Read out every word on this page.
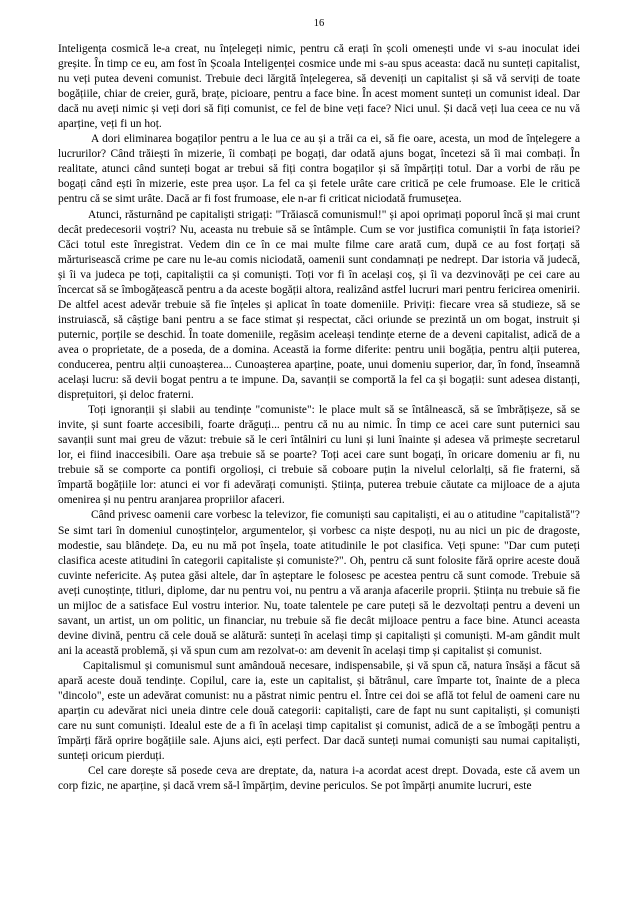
16

Inteligența cosmică le-a creat, nu înțelegeți nimic, pentru că erați în școli omenești unde vi s-au inoculat idei greșite. În timp ce eu, am fost în Școala Inteligenței cosmice unde mi s-au spus aceasta: dacă nu sunteți capitalist, nu veți putea deveni comunist. Trebuie deci lărgită înțelegerea, să deveniți un capitalist și să vă serviți de toate bogățiile, chiar de creier, gură, brațe, picioare, pentru a face bine. În acest moment sunteți un comunist ideal. Dar dacă nu aveți nimic și veți dori să fiți comunist, ce fel de bine veți face? Nici unul. Și dacă veți lua ceea ce nu vă aparține, veți fi un hoț.

A dori eliminarea bogaților pentru a le lua ce au și a trăi ca ei, să fie oare, acesta, un mod de înțelegere a lucrurilor? Când trăiești în mizerie, îi combați pe bogați, dar odată ajuns bogat, încetezi să îi mai combați. În realitate, atunci când sunteți bogat ar trebui să fiți contra bogaților și să împărțiți totul. Dar a vorbi de rău pe bogați când ești în mizerie, este prea ușor. La fel ca și fetele urâte care critică pe cele frumoase. Ele le critică pentru că se simt urâte. Dacă ar fi fost frumoase, ele n-ar fi criticat niciodată frumusețea.

Atunci, răsturnând pe capitaliști strigați: "Trăiască comunismul!" și apoi oprimați poporul încă și mai crunt decât predecesorii voștri? Nu, aceasta nu trebuie să se întâmple. Cum se vor justifica comuniștii în fața istoriei? Căci totul este înregistrat. Vedem din ce în ce mai multe filme care arată cum, după ce au fost forțați să mărturisească crime pe care nu le-au comis niciodată, oamenii sunt condamnați pe nedrept. Dar istoria vă judecă, și îi va judeca pe toți, capitaliștii ca și comuniști. Toți vor fi în același coș, și îi va dezvinovăți pe cei care au încercat să se îmbogățească pentru a da aceste bogății altora, realizând astfel lucruri mari pentru fericirea omenirii. De altfel acest adevăr trebuie să fie înțeles și aplicat în toate domeniile. Priviți: fiecare vrea să studieze, să se instruiască, să câștige bani pentru a se face stimat și respectat, căci oriunde se prezintă un om bogat, instruit și puternic, porțile se deschid. În toate domeniile, regăsim aceleași tendințe eterne de a deveni capitalist, adică de a avea o proprietate, de a poseda, de a domina. Această ia forme diferite: pentru unii bogăția, pentru alții puterea, conducerea, pentru alții cunoașterea... Cunoașterea aparține, poate, unui domeniu superior, dar, în fond, înseamnă același lucru: să devii bogat pentru a te impune. Da, savanții se comportă la fel ca și bogații: sunt adesea distanți, disprețuitori, și deloc fraterni.

Toți ignoranții și slabii au tendințe "comuniste": le place mult să se întâlnească, să se îmbrățișeze, să se invite, și sunt foarte accesibili, foarte drăguți... pentru că nu au nimic. În timp ce acei care sunt puternici sau savanții sunt mai greu de văzut: trebuie să le ceri întâlniri cu luni și luni înainte și adesea vă primește secretarul lor, ei fiind inaccesibili. Oare așa trebuie să se poarte? Toți acei care sunt bogați, în oricare domeniu ar fi, nu trebuie să se comporte ca pontifi orgolioși, ci trebuie să coboare puțin la nivelul celorlalți, să fie fraterni, să împartă bogățiile lor: atunci ei vor fi adevărați comuniști. Știința, puterea trebuie căutate ca mijloace de a ajuta omenirea și nu pentru aranjarea propriilor afaceri.

Când privesc oamenii care vorbesc la televizor, fie comuniști sau capitaliști, ei au o atitudine "capitalistă"? Se simt tari în domeniul cunoștințelor, argumentelor, și vorbesc ca niște despoți, nu au nici un pic de dragoste, modestie, sau blândețe. Da, eu nu mă pot înșela, toate atitudinile le pot clasifica. Veți spune: "Dar cum puteți clasifica aceste atitudini în categorii capitaliste și comuniste?". Oh, pentru că sunt folosite fără oprire aceste două cuvinte nefericite. Aș putea găsi altele, dar în așteptare le folosesc pe acestea pentru că sunt comode. Trebuie să aveți cunoștințe, titluri, diplome, dar nu pentru voi, nu pentru a vă aranja afacerile proprii. Știința nu trebuie să fie un mijloc de a satisface Eul vostru interior. Nu, toate talentele pe care puteți să le dezvoltați pentru a deveni un savant, un artist, un om politic, un financiar, nu trebuie să fie decât mijloace pentru a face bine. Atunci aceasta devine divină, pentru că cele două se alătură: sunteți în același timp și capitaliști și comuniști. M-am gândit mult ani la această problemă, și vă spun cum am rezolvat-o: am devenit în același timp și capitalist și comunist.

Capitalismul și comunismul sunt amândouă necesare, indispensabile, și vă spun că, natura însăși a făcut să apară aceste două tendințe. Copilul, care ia, este un capitalist, și bătrânul, care împarte tot, înainte de a pleca "dincolo", este un adevărat comunist: nu a păstrat nimic pentru el. Între cei doi se află tot felul de oameni care nu aparțin cu adevărat nici uneia dintre cele două categorii: capitaliști, care de fapt nu sunt capitaliști, și comuniști care nu sunt comuniști. Idealul este de a fi în același timp capitalist și comunist, adică de a se îmbogăți pentru a împărți fără oprire bogățiile sale. Ajuns aici, ești perfect. Dar dacă sunteți numai comuniști sau numai capitaliști, sunteți oricum pierduți.

Cel care dorește să posede ceva are dreptate, da, natura i-a acordat acest drept. Dovada, este că avem un corp fizic, ne aparține, și dacă vrem să-l împărțim, devine periculos. Se pot împărți anumite lucruri, este
